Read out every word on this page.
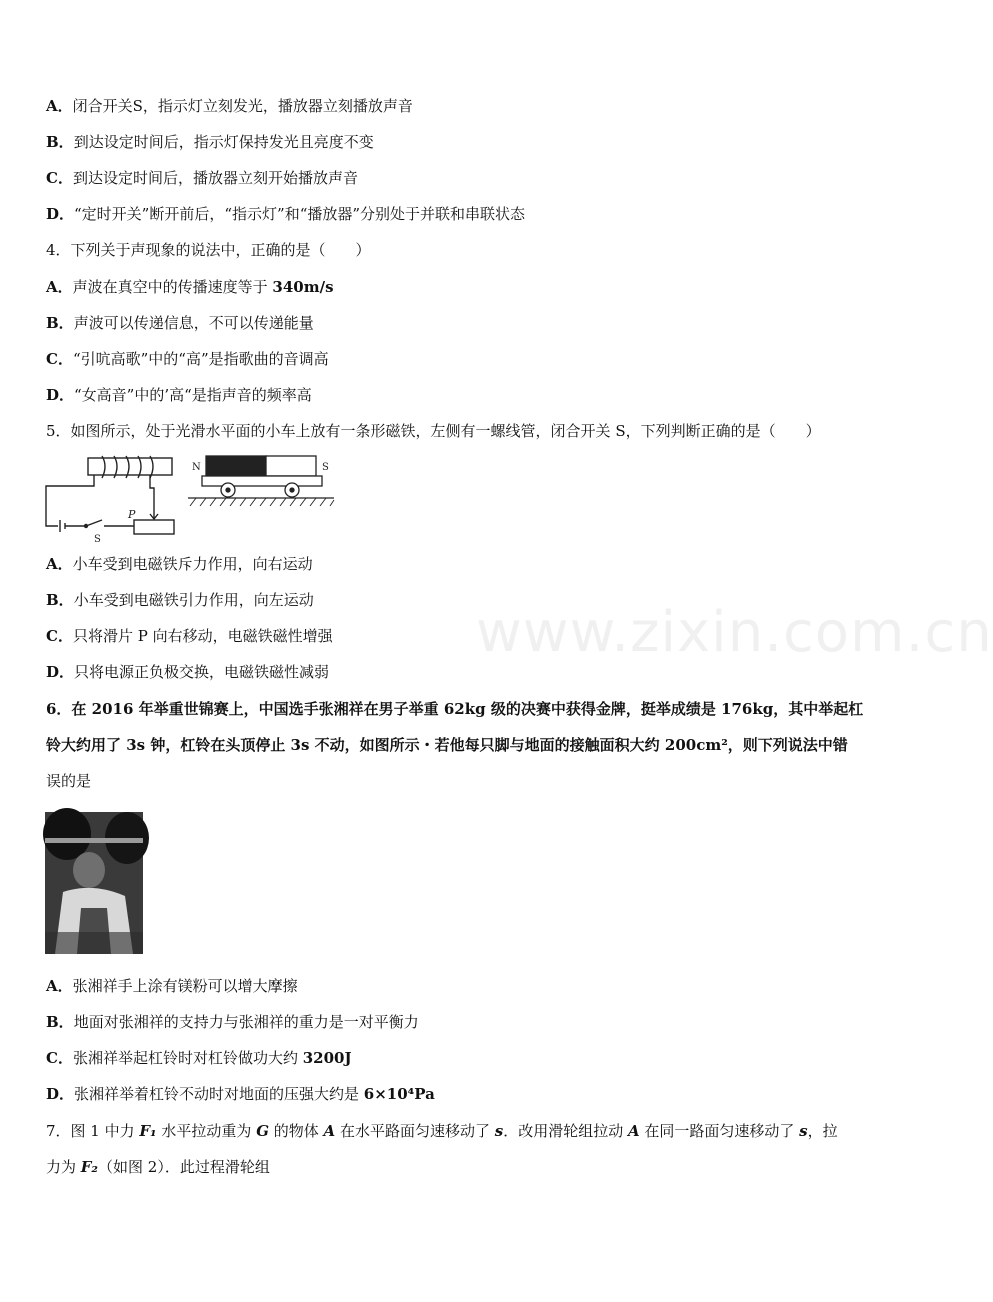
www.zixin.com.cn
A．闭合开关S，指示灯立刻发光，播放器立刻播放声音
B．到达设定时间后，指示灯保持发光且亮度不变
C．到达设定时间后，播放器立刻开始播放声音
D．“定时开关”断开前后，“指示灯”和“播放器”分别处于并联和串联状态
4．下列关于声现象的说法中，正确的是（　　）
A．声波在真空中的传播速度等于 340m/s
B．声波可以传递信息，不可以传递能量
C．“引吭高歌”中的“高”是指歌曲的音调高
D．“女高音”中的’高“是指声音的频率高
5．如图所示，处于光滑水平面的小车上放有一条形磁铁，左侧有一螺线管，闭合开关 S，下列判断正确的是（　　）
P
S
N	S
A．小车受到电磁铁斥力作用，向右运动
B．小车受到电磁铁引力作用，向左运动
C．只将滑片 P 向右移动，电磁铁磁性增强
D．只将电源正负极交换，电磁铁磁性减弱
6．在 2016 年举重世锦赛上，中国选手张湘祥在男子举重 62kg 级的决赛中获得金牌，挺举成绩是 176kg，其中举起杠
铃大约用了 3s 钟，杠铃在头顶停止 3s 不动，如图所示・若他每只脚与地面的接触面积大约 200cm²，则下列说法中错
误的是
A．张湘祥手上涂有镁粉可以增大摩擦
B．地面对张湘祥的支持力与张湘祥的重力是一对平衡力
C．张湘祥举起杠铃时对杠铃做功大约 3200J
D．张湘祥举着杠铃不动时对地面的压强大约是 6×10⁴Pa
7．图 1 中力 F₁ 水平拉动重为 G 的物体 A 在水平路面匀速移动了 s．改用滑轮组拉动 A 在同一路面匀速移动了 s，拉
力为 F₂（如图 2）．此过程滑轮组
